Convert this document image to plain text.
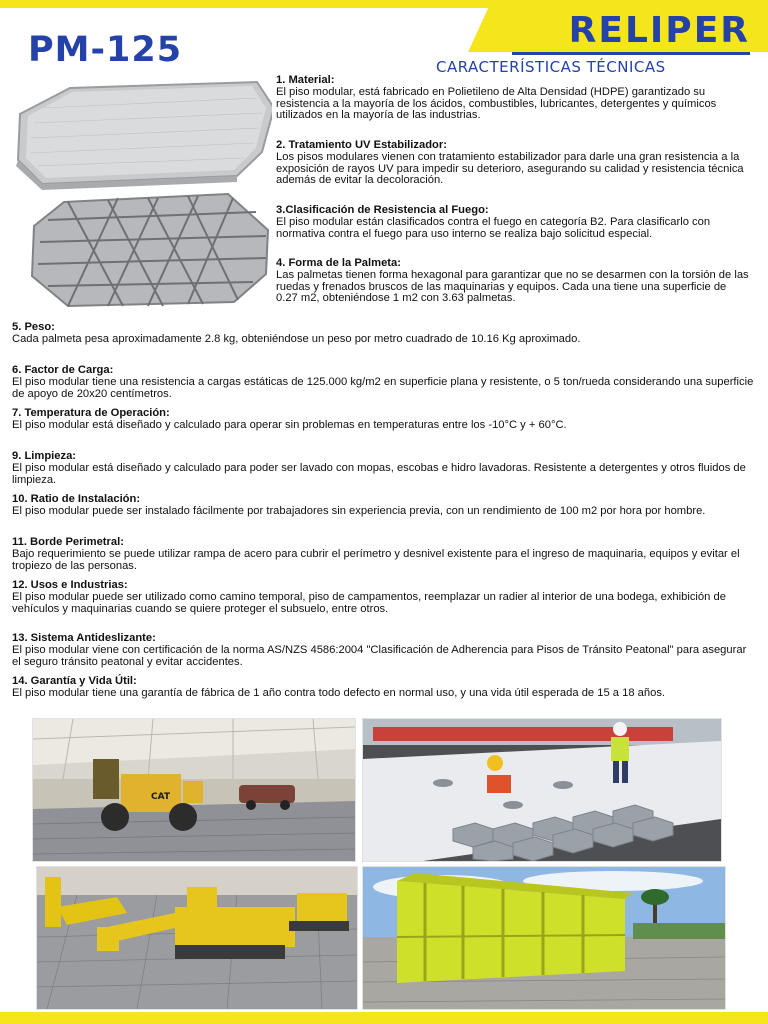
RELIPER
PM-125	CARACTERÍSTICAS TÉCNICAS
1. Material:
El piso modular, está fabricado en Polietileno de Alta Densidad (HDPE) garantizado su resistencia a la mayoría de los ácidos, combustibles, lubricantes, detergentes y químicos utilizados en la mayoría de las industrias.
2. Tratamiento UV Estabilizador:
Los pisos modulares vienen con tratamiento estabilizador para darle una gran resistencia a la exposición de rayos UV para impedir su deterioro, asegurando su calidad y resistencia técnica además de evitar la decoloración.
3.Clasificación de Resistencia al Fuego:
El piso modular están clasificados contra el fuego en categoría B2. Para clasificarlo con normativa contra el fuego para uso interno se realiza bajo solicitud especial.
4. Forma de la Palmeta:
Las palmetas tienen forma hexagonal para garantizar que no se desarmen con la torsión de las ruedas y frenados bruscos de las maquinarias y equipos. Cada una tiene una superficie de 0.27 m2, obteniéndose 1 m2 con 3.63 palmetas.
5. Peso:
Cada palmeta pesa aproximadamente 2.8 kg, obteniéndose un peso por metro cuadrado de 10.16 Kg aproximado.
6. Factor de Carga:
El piso modular tiene una resistencia a cargas estáticas de 125.000 kg/m2 en superficie plana y resistente, o 5 ton/rueda considerando una superficie de apoyo de 20x20 centímetros.
7. Temperatura de Operación:
El piso modular está diseñado y calculado para operar sin problemas en temperaturas entre los -10°C y + 60°C.
9. Limpieza:
El piso modular está diseñado y calculado para poder ser lavado con mopas, escobas e hidro lavadoras. Resistente a detergentes y otros fluidos de limpieza.
10. Ratio de Instalación:
El piso modular puede ser instalado fácilmente por trabajadores sin experiencia previa, con un rendimiento de 100 m2 por hora por hombre.
11. Borde Perimetral:
Bajo requerimiento se puede utilizar rampa de acero para cubrir el perímetro y desnivel existente para el ingreso de maquinaria, equipos y evitar el tropiezo de las personas.
12. Usos e Industrias:
El piso modular puede ser utilizado como camino temporal, piso de campamentos, reemplazar un radier al interior de una bodega, exhibición de vehículos y maquinarias cuando se quiere proteger el subsuelo, entre otros.
13. Sistema Antideslizante:
El piso modular viene con certificación de la norma AS/NZS 4586:2004 "Clasificación de Adherencia para Pisos de Tránsito Peatonal" para asegurar el seguro tránsito peatonal y evitar accidentes.
14. Garantía y Vida Útil:
El piso modular tiene una garantía de fábrica de 1 año contra todo defecto en normal uso, y una vida útil esperada de 15 a 18 años.
CAT
